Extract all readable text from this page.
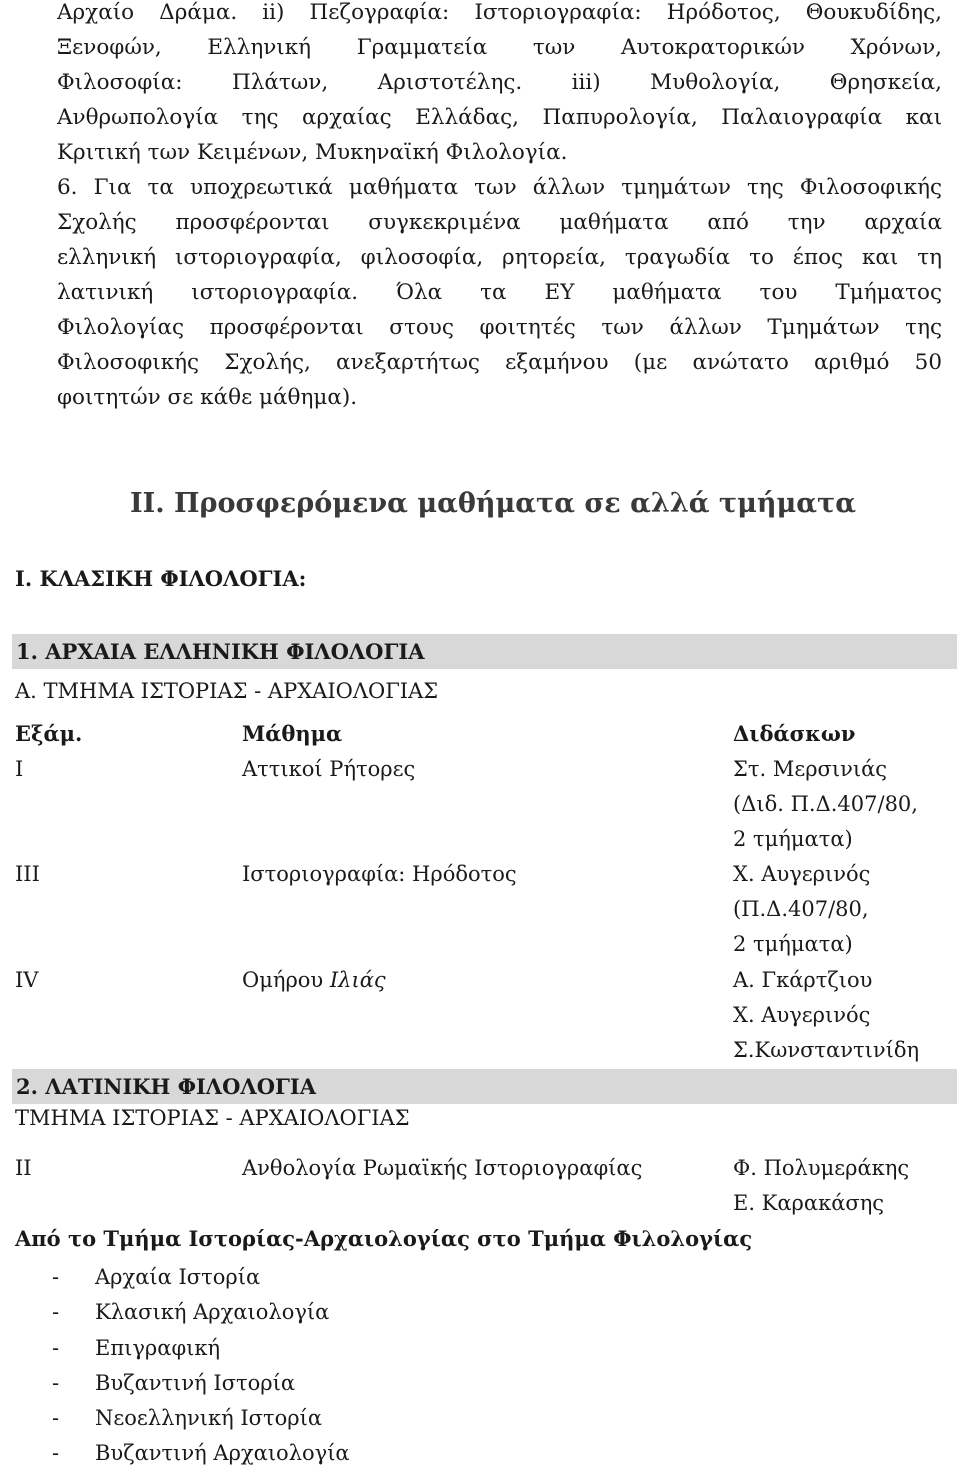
Αρχαίο Δράμα. ii) Πεζογραφία: Ιστοριογραφία: Ηρόδοτος, Θουκυδίδης,
Ξενοφών, Ελληνική Γραμματεία των Αυτοκρατορικών Χρόνων,
Φιλοσοφία: Πλάτων, Αριστοτέλης. iii) Μυθολογία, Θρησκεία,
Ανθρωπολογία της αρχαίας Ελλάδας, Παπυρολογία, Παλαιογραφία και
Κριτική των Κειμένων, Μυκηναϊκή Φιλολογία.
6. Για τα υποχρεωτικά μαθήματα των άλλων τμημάτων της Φιλοσοφικής
Σχολής προσφέρονται συγκεκριμένα μαθήματα από την αρχαία
ελληνική ιστοριογραφία, φιλοσοφία, ρητορεία, τραγωδία το έπος και τη
λατινική ιστοριογραφία. Όλα τα ΕΥ μαθήματα του Τμήματος
Φιλολογίας προσφέρονται στους φοιτητές των άλλων Τμημάτων της
Φιλοσοφικής Σχολής, ανεξαρτήτως εξαμήνου (με ανώτατο αριθμό 50
φοιτητών σε κάθε μάθημα).
ΙΙ. Προσφερόμενα μαθήματα σε αλλά τμήματα
Ι. ΚΛΑΣΙΚΗ ΦΙΛΟΛΟΓΙΑ:
1. ΑΡΧΑΙΑ ΕΛΛΗΝΙΚΗ ΦΙΛΟΛΟΓΙΑ
Α. ΤΜΗΜΑ ΙΣΤΟΡΙΑΣ - ΑΡΧΑΙΟΛΟΓΙΑΣ
Εξάμ.	Μάθημα	Διδάσκων
Ι	Αττικοί Ρήτορες	Στ. Μερσινιάς
(Διδ. Π.Δ.407/80,
2 τμήματα)
ΙΙΙ	Ιστοριογραφία: Ηρόδοτος	Χ. Αυγερινός
(Π.Δ.407/80,
2 τμήματα)
IV	Ομήρου Ιλιάς	Α. Γκάρτζιου
Χ. Αυγερινός
Σ.Κωνσταντινίδη
2. ΛΑΤΙΝΙΚΗ ΦΙΛΟΛΟΓΙΑ
ΤΜΗΜΑ ΙΣΤΟΡΙΑΣ - ΑΡΧΑΙΟΛΟΓΙΑΣ
ΙΙ	Ανθολογία Ρωμαϊκής Ιστοριογραφίας	Φ. Πολυμεράκης
Ε. Καρακάσης
Από το Τμήμα Ιστορίας-Αρχαιολογίας στο Τμήμα Φιλολογίας
- Αρχαία Ιστορία
- Κλασική Αρχαιολογία
- Επιγραφική
- Βυζαντινή Ιστορία
- Νεοελληνική Ιστορία
- Βυζαντινή Αρχαιολογία
